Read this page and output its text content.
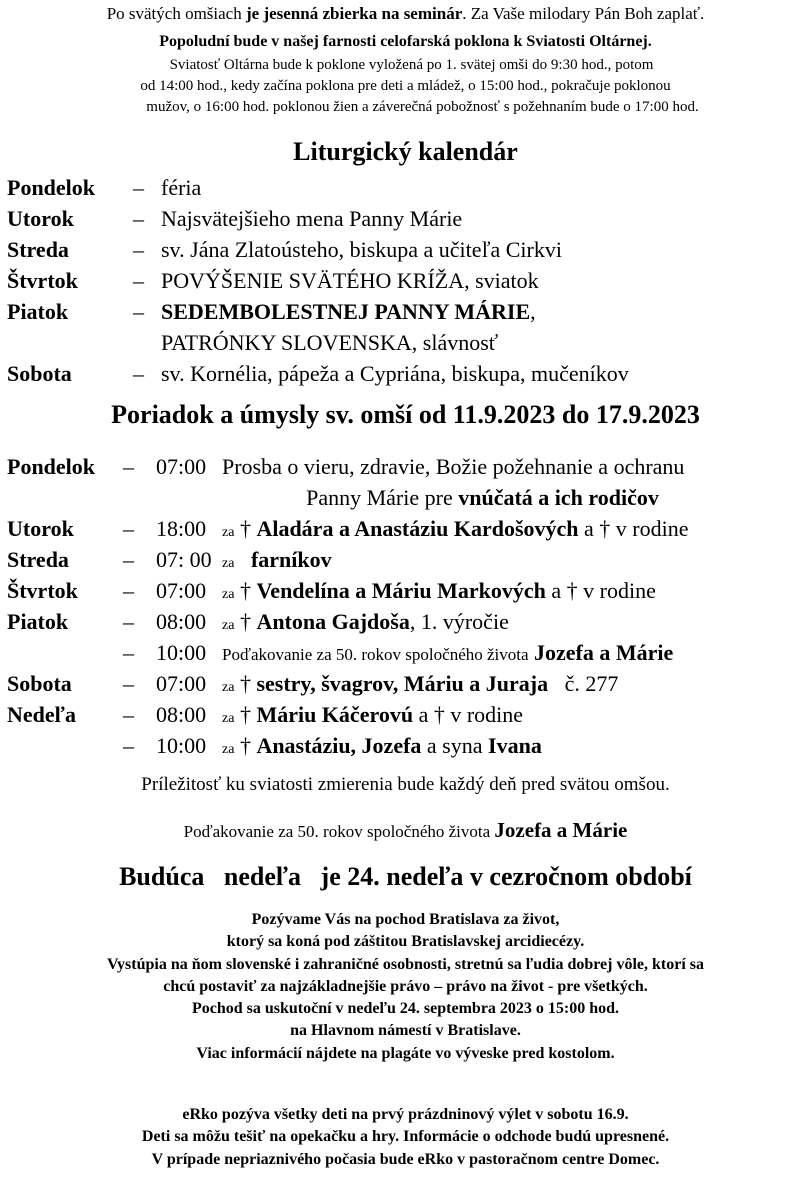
Po svätých omšiach je jesenná zbierka na seminár. Za Vaše milodary Pán Boh zaplať.
Popoludní bude v našej farnosti celofarská poklona k Sviatosti Oltárnej.
Sviatosť Oltárna bude k poklone vyložená po 1. svätej omši do 9:30 hod., potom
od 14:00 hod., kedy začína poklona pre deti a mládež, o 15:00 hod., pokračuje poklonou
mužov, o 16:00 hod. poklonou žien a záverečná pobožnosť s požehnaním bude o 17:00 hod.
Liturgický kalendár
Pondelok – féria
Utorok	– Najsvätejšieho mena Panny Márie
Streda	– sv. Jána Zlatoústeho, biskupa a učiteľa Cirkvi
Štvrtok	– POVÝŠENIE SVÄTÉHO KRÍŽA, sviatok
Piatok	– SEDEMBOLESTNEJ PANNY MÁRIE,
PATRÓNKY SLOVENSKA, slávnosť
Sobota	– sv. Kornélia, pápeža a Cypriána, biskupa, mučeníkov
Poriadok a úmysly sv. omší od 11.9.2023 do 17.9.2023
Pondelok – 07:00 Prosba o vieru, zdravie, Božie požehnanie a ochranu
Panny Márie pre vnúčatá a ich rodičov
Utorok – 18:00 za † Aladára a Anastáziu Kardošových a † v rodine
Streda – 07: 00 za farníkov
Štvrtok – 07:00 za † Vendelína a Máriu Markových a † v rodine
Piatok – 08:00 za † Antona Gajdoša, 1. výročie
– 10:00 Poďakovanie za 50. rokov spoločného života Jozefa a Márie
Sobota – 07:00 za † sestry, švagrov, Máriu a Juraja   č. 277
Nedeľa – 08:00 za † Máriu Káčerovú a † v rodine
– 10:00 za † Anastáziu, Jozefa a syna Ivana
Príležitosť ku sviatosti zmierenia bude každý deň pred svätou omšou.
Poďakovanie za 50. rokov spoločného života Jozefa a Márie
Budúca   nedeľa   je 24. nedeľa v cezročnom období
Pozývame Vás na pochod Bratislava za život,
ktorý sa koná pod záštitou Bratislavskej arcidiecézy.
Vystúpia na ňom slovenské i zahraničné osobnosti, stretnú sa ľudia dobrej vôle, ktorí sa
chcú postaviť za najzákladnejšie právo – právo na život - pre všetkých.
Pochod sa uskutoční v nedeľu 24. septembra 2023 o 15:00 hod.
na Hlavnom námestí v Bratislave.
Viac informácií nájdete na plagáte vo vývеske pred kostolom.
eRko pozýva všetky deti na prvý prázdninový výlet v sobotu 16.9.
Deti sa môžu tešiť na opekačku a hry. Informácie o odchode budú upresnené.
V prípade nepriaznivého počasia bude eRko v pastoračnom centre Domec.
